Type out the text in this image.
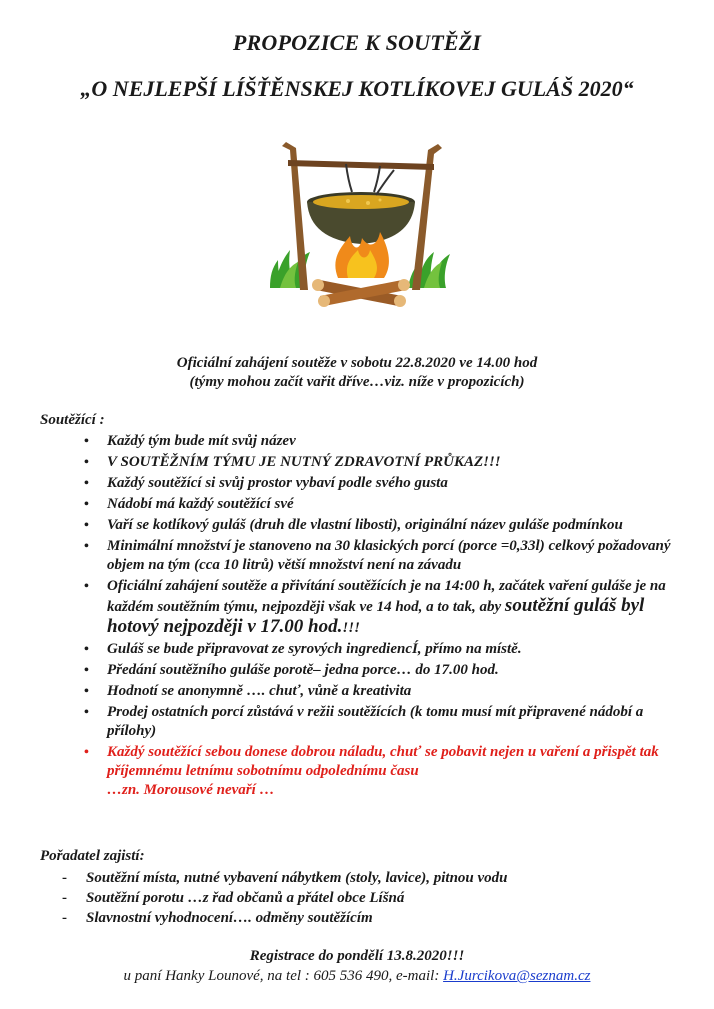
PROPOZICE K SOUTĚŽI
„O NEJLEPŠÍ LÍŠŤĚNSKEJ KOTLÍKOVEJ GULÁŠ 2020“
Oficiální zahájení soutěže v sobotu 22.8.2020 ve 14.00 hod
(týmy mohou začít vařit dříve…viz. níže v propozicích)
Soutěžící :
• Každý tým bude mít svůj název
• V SOUTĚŽNÍM TÝMU JE NUTNÝ ZDRAVOTNÍ PRŮKAZ!!!
• Každý soutěžící si svůj prostor vybaví podle svého gusta
• Nádobí má každý soutěžící své
• Vaří se kotlíkový guláš (druh dle vlastní libosti), originální název guláše podmínkou
• Minimální množství je stanoveno na 30 klasických porcí (porce =0,33l) celkový požadovaný objem na tým (cca 10 litrů) větší množství není na závadu
• Oficiální zahájení soutěže a přivítání soutěžících je na 14:00 h, začátek vaření guláše je na každém soutěžním týmu, nejpozději však ve 14 hod, a to tak, aby soutěžní guláš byl hotový nejpozději v 17.00 hod.!!!
• Guláš se bude připravovat ze syrových ingrediencÍ, přímo na místě.
• Předání soutěžního guláše porotě– jedna porce… do 17.00 hod.
• Hodnotí se anonymně …. chuť, vůně a kreativita
• Prodej ostatních porcí zůstává v režii soutěžících (k tomu musí mít připravené nádobí a přílohy)
• Každý soutěžící sebou donese dobrou náladu, chuť se pobavit nejen u vaření a přispět tak příjemnému letnímu sobotnímu odpolednímu času
…zn. Morousové nevaří …
Pořadatel zajistí:
- Soutěžní místa, nutné vybavení nábytkem (stoly, lavice), pitnou vodu
- Soutěžní porotu …z řad občanů a přátel obce Líšná
- Slavnostní vyhodnocení…. odměny soutěžícím
Registrace do pondělí 13.8.2020!!!
u paní Hanky Lounové, na tel : 605 536 490, e-mail: H.Jurcikova@seznam.cz
